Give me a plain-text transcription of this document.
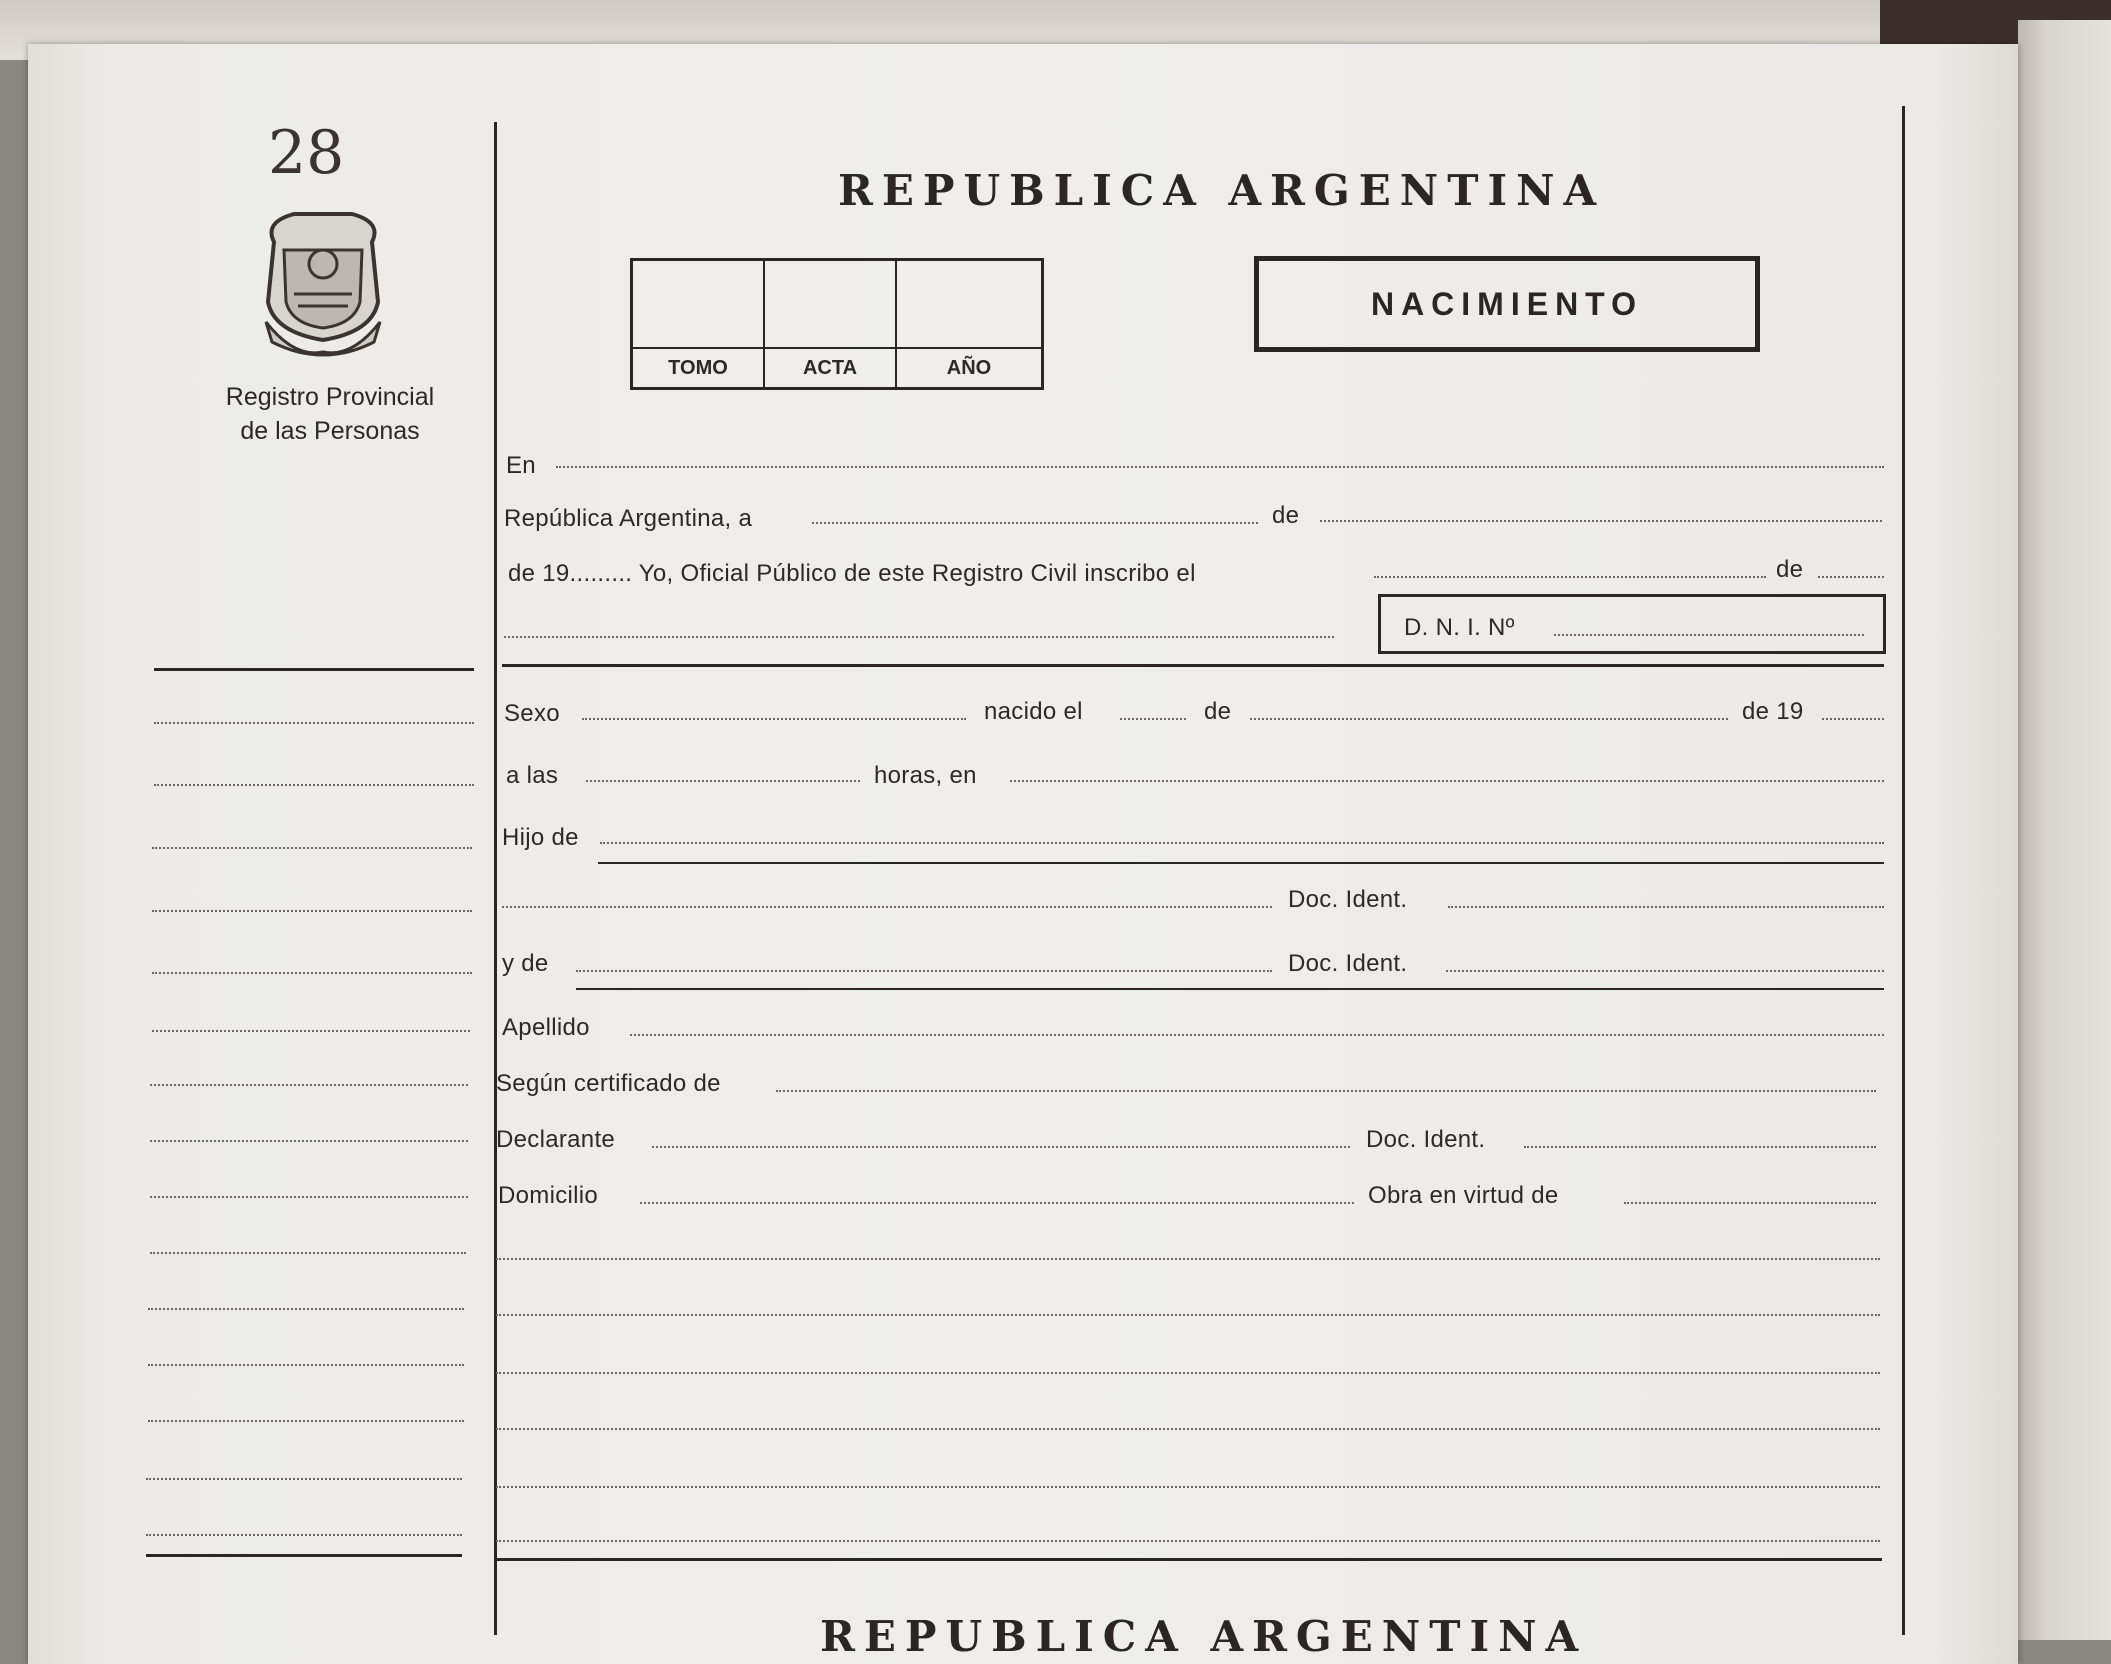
28
Registro Provincial
de las Personas
REPUBLICA ARGENTINA
TOMO	ACTA	AÑO
NACIMIENTO
En
República Argentina, a	de
de 19......... Yo, Oficial Público de este Registro Civil inscribo el	de
D. N. I. Nº
Sexo	nacido el	de	de 19
a las	horas, en
Hijo de
Doc. Ident.
y de	Doc. Ident.
Apellido
Según certificado de
Declarante	Doc. Ident.
Domicilio	Obra en virtud de
REPUBLICA ARGENTINA
